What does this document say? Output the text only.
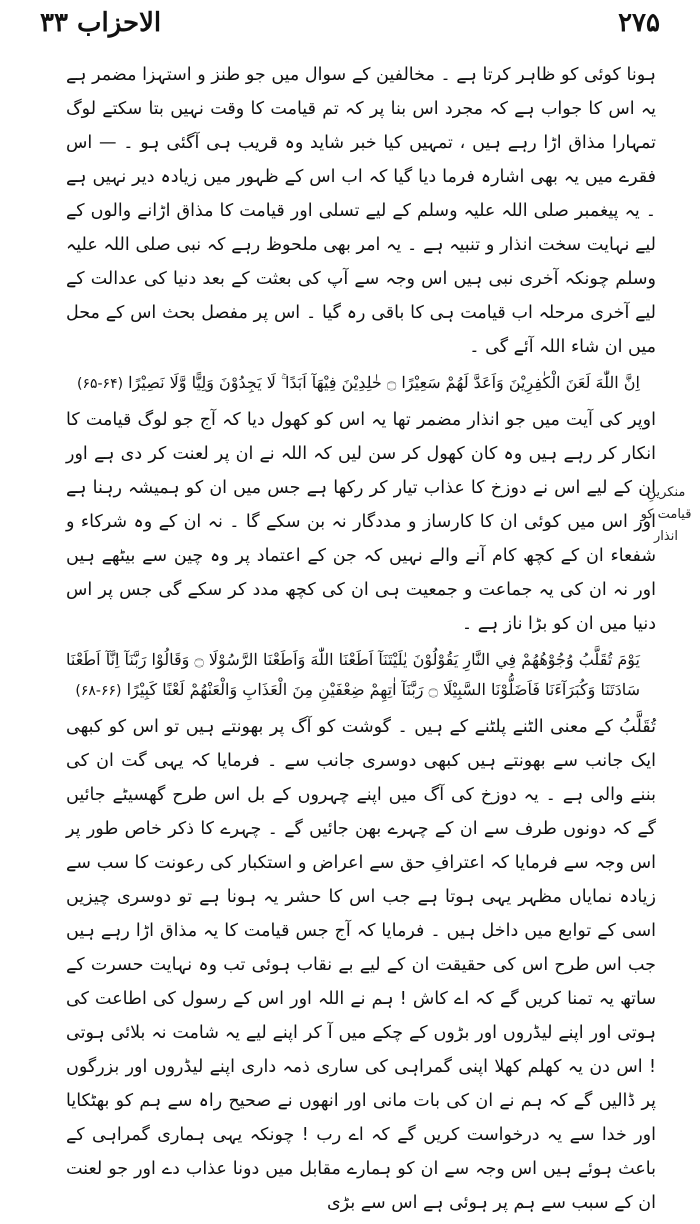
۲۷۵
الاحزاب ۳۳
منکرینِ قیامت کو انذار

ہونا کوئی کو ظاہر کرتا ہے ۔ مخالفین کے سوال میں جو طنز و استہزا مضمر ہے یہ اس کا جواب ہے کہ مجرد اس بنا پر کہ تم قیامت کا وقت نہیں بتا سکتے لوگ تمہارا مذاق اڑا رہے ہیں ، تمہیں کیا خبر شاید وہ قریب ہی آگئی ہو ۔ — اس فقرے میں یہ بھی اشارہ فرما دیا گیا کہ اب اس کے ظہور میں زیادہ دیر نہیں ہے ۔ یہ پیغمبر صلی اللہ علیہ وسلم کے لیے تسلی اور قیامت کا مذاق اڑانے والوں کے لیے نہایت سخت انذار و تنبیہ ہے ۔ یہ امر بھی ملحوظ رہے کہ نبی صلی اللہ علیہ وسلم چونکہ آخری نبی ہیں اس وجہ سے آپ کی بعثت کے بعد دنیا کی عدالت کے لیے آخری مرحلہ اب قیامت ہی کا باقی رہ گیا ۔ اس پر مفصل بحث اس کے محل میں ان شاء اللہ آئے گی ۔

اِنَّ اللّٰهَ لَعَنَ الْكٰفِرِيْنَ وَاَعَدَّ لَهُمْ سَعِيْرًا ۝ خٰلِدِيْنَ فِيْهَآ اَبَدًا ۚ لَا يَجِدُوْنَ وَلِيًّا وَّلَا نَصِيْرًا (۶۴-۶۵)

اوپر کی آیت میں جو انذار مضمر تھا یہ اس کو کھول دیا کہ آج جو لوگ قیامت کا انکار کر رہے ہیں وہ کان کھول کر سن لیں کہ اللہ نے ان پر لعنت کر دی ہے اور ان کے لیے اس نے دوزخ کا عذاب تیار کر رکھا ہے جس میں ان کو ہمیشہ رہنا ہے اور اس میں کوئی ان کا کارساز و مددگار نہ بن سکے گا ۔ نہ ان کے وہ شرکاء و شفعاء ان کے کچھ کام آنے والے نہیں کہ جن کے اعتماد پر وہ چین سے بیٹھے ہیں اور نہ ان کی یہ جماعت و جمعیت ہی ان کی کچھ مدد کر سکے گی جس پر اس دنیا میں ان کو بڑا ناز ہے ۔

يَوْمَ تُقَلَّبُ وُجُوْهُهُمْ فِي النَّارِ يَقُوْلُوْنَ يٰلَيْتَنَآ اَطَعْنَا اللّٰهَ وَاَطَعْنَا الرَّسُوْلَا ۝ وَقَالُوْا رَبَّنَآ اِنَّآ اَطَعْنَا سَادَتَنَا وَكُبَرَآءَنَا فَاَضَلُّوْنَا السَّبِيْلَا ۝ رَبَّنَآ اٰتِهِمْ ضِعْفَيْنِ مِنَ الْعَذَابِ وَالْعَنْهُمْ لَعْنًا كَبِيْرًا (۶۶-۶۸)

تُقَلَّبُ کے معنی الٹنے پلٹنے کے ہیں ۔ گوشت کو آگ پر بھونتے ہیں تو اس کو کبھی ایک جانب سے بھونتے ہیں کبھی دوسری جانب سے ۔ فرمایا کہ یہی گت ان کی بننے والی ہے ۔ یہ دوزخ کی آگ میں اپنے چہروں کے بل اس طرح گھسیٹے جائیں گے کہ دونوں طرف سے ان کے چہرے بھن جائیں گے ۔ چہرے کا ذکر خاص طور پر اس وجہ سے فرمایا کہ اعترافِ حق سے اعراض و استکبار کی رعونت کا سب سے زیادہ نمایاں مظہر یہی ہوتا ہے جب اس کا حشر یہ ہونا ہے تو دوسری چیزیں اسی کے توابع میں داخل ہیں ۔ فرمایا کہ آج جس قیامت کا یہ مذاق اڑا رہے ہیں جب اس طرح اس کی حقیقت ان کے لیے بے نقاب ہوئی تب وہ نہایت حسرت کے ساتھ یہ تمنا کریں گے کہ اے کاش ! ہم نے اللہ اور اس کے رسول کی اطاعت کی ہوتی اور اپنے لیڈروں اور بڑوں کے چکے میں آ کر اپنے لیے یہ شامت نہ بلائی ہوتی ! اس دن یہ کھلم کھلا اپنی گمراہی کی ساری ذمہ داری اپنے لیڈروں اور بزرگوں پر ڈالیں گے کہ ہم نے ان کی بات مانی اور انھوں نے صحیح راہ سے ہم کو بھٹکایا اور خدا سے یہ درخواست کریں گے کہ اے رب ! چونکہ یہی ہماری گمراہی کے باعث ہوئے ہیں اس وجہ سے ان کو ہمارے مقابل میں دونا عذاب دے اور جو لعنت ان کے سبب سے ہم پر ہوئی ہے اس سے بڑی
